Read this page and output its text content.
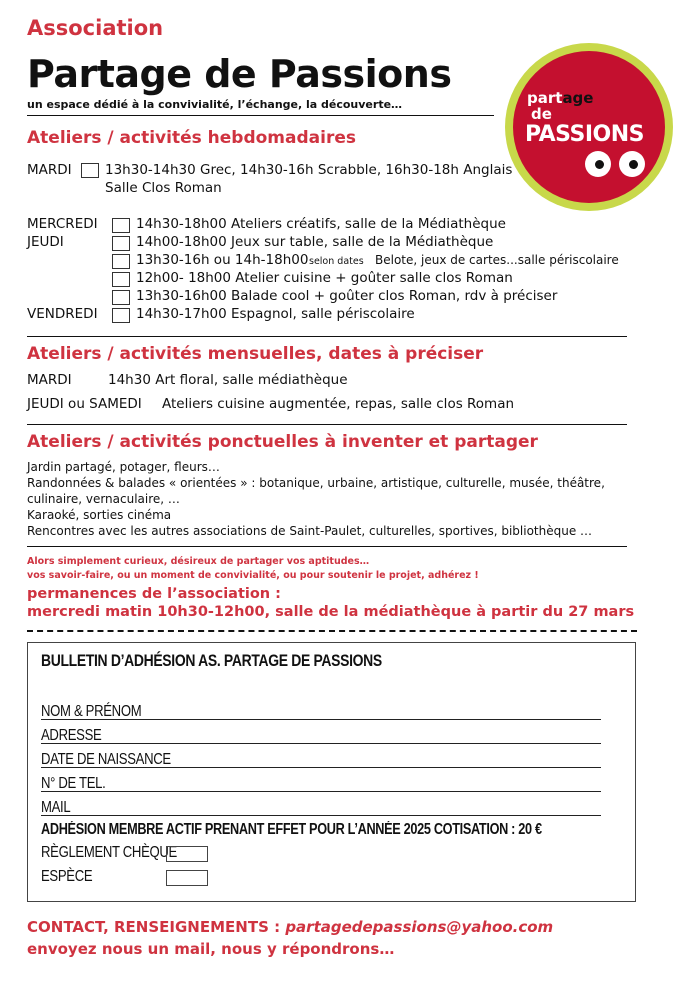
Association
Partage de Passions
un espace dédié à la convivialité, l’échange, la découverte…	partage
de
PASSIONS
Ateliers / activités hebdomadaires
MARDI 13h30-14h30 Grec, 14h30-16h Scrabble, 16h30-18h Anglais
Salle Clos Roman
MERCREDI	14h30-18h00 Ateliers créatifs, salle de la Médiathèque
JEUDI	14h00-18h00 Jeux sur table, salle de la Médiathèque
13h30-16h ou 14h-18h00 selon dates Belote, jeux de cartes...salle périscolaire
12h00- 18h00 Atelier cuisine + goûter salle clos Roman
13h30-16h00 Balade cool + goûter clos Roman, rdv à préciser
VENDREDI	14h30-17h00 Espagnol, salle périscolaire
Ateliers / activités mensuelles, dates à préciser
MARDI	14h30 Art floral, salle médiathèque
JEUDI ou SAMEDI Ateliers cuisine augmentée, repas, salle clos Roman
Ateliers / activités ponctuelles à inventer et partager
Jardin partagé, potager, fleurs…
Randonnées & balades « orientées » : botanique, urbaine, artistique, culturelle, musée, théâtre,
culinaire, vernaculaire, …
Karaoké, sorties cinéma
Rencontres avec les autres associations de Saint-Paulet, culturelles, sportives, bibliothèque …
Alors simplement curieux, désireux de partager vos aptitudes…
vos savoir-faire, ou un moment de convivialité, ou pour soutenir le projet, adhérez !
permanences de l’association :
mercredi matin 10h30-12h00, salle de la médiathèque à partir du 27 mars
BULLETIN D’ADHÉSION AS. PARTAGE DE PASSIONS
NOM & PRÉNOM
ADRESSE
DATE DE NAISSANCE
N° DE TEL.
MAIL
ADHÉSION MEMBRE ACTIF PRENANT EFFET POUR L’ANNÉE 2025 COTISATION : 20 €
RÈGLEMENT CHÈQUE
ESPÈCE
CONTACT, RENSEIGNEMENTS : partagedepassions@yahoo.com
envoyez nous un mail, nous y répondrons…
